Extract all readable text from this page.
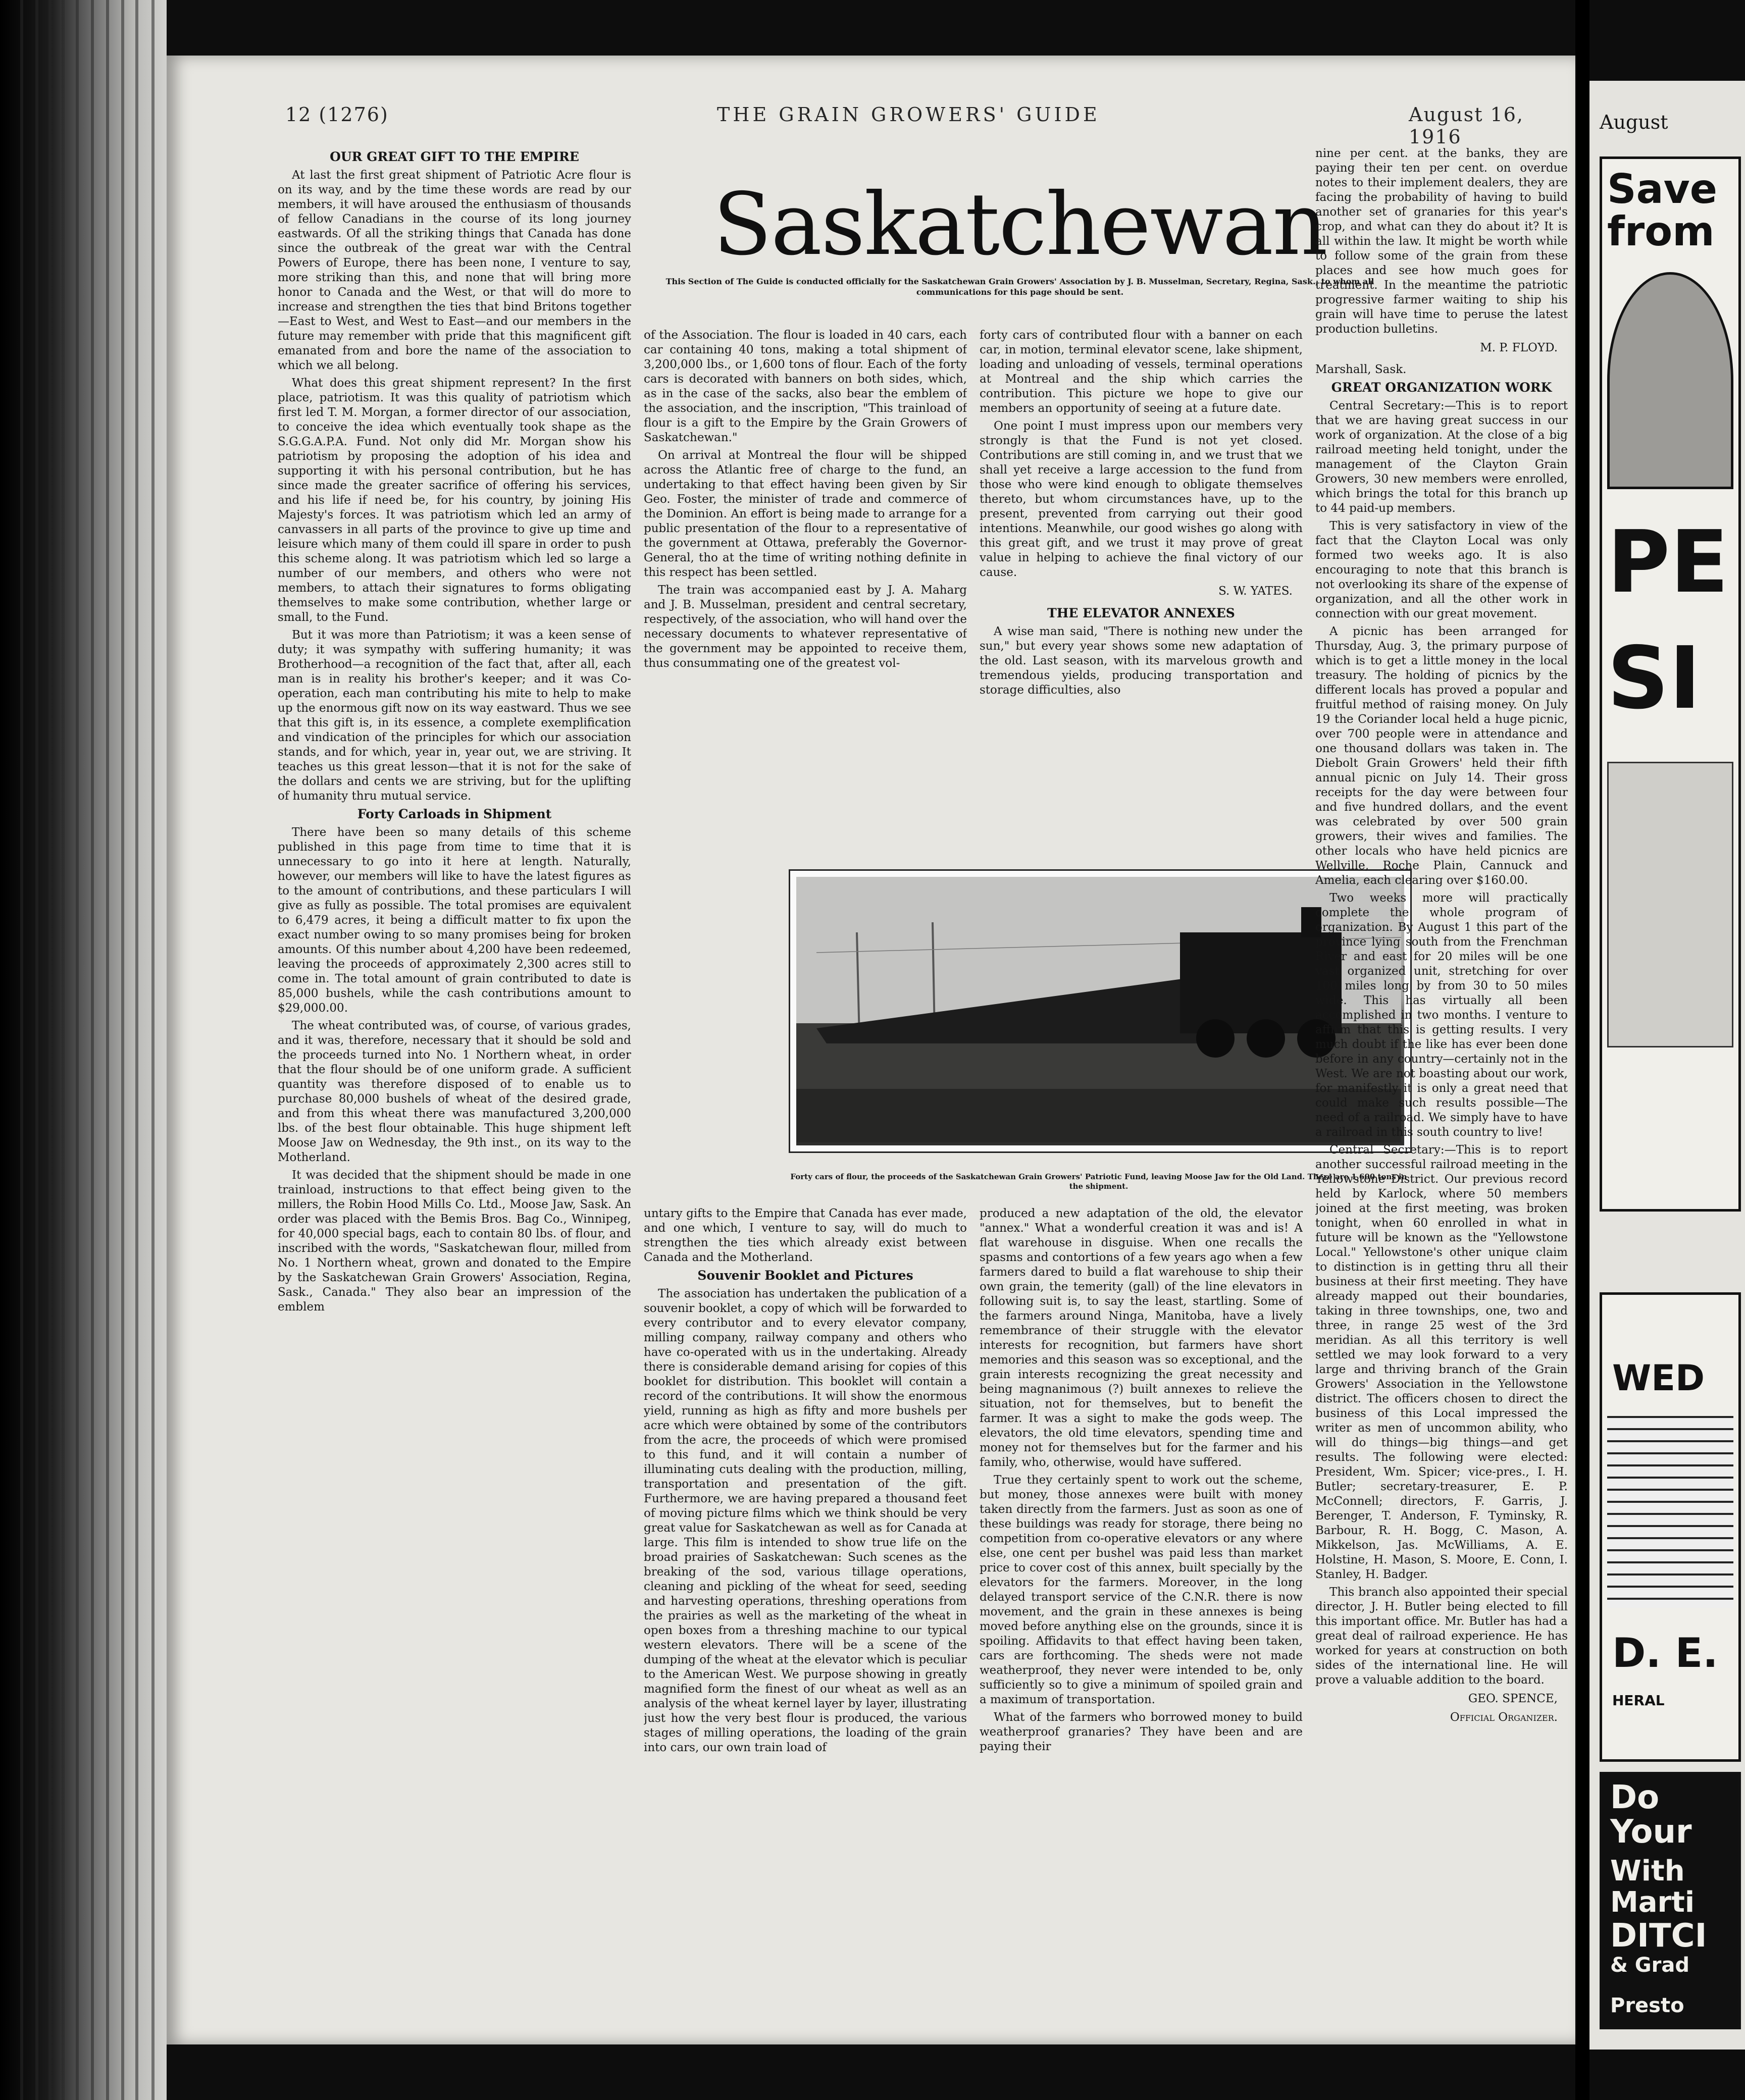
12 (1276)	THE GRAIN GROWERS' GUIDE	August 16, 1916
Saskatchewan

This Section of The Guide is conducted officially for the Saskatchewan Grain Growers' Association by J. B. Musselman, Secretary, Regina, Sask., to whom all communications for this page should be sent.

OUR GREAT GIFT TO THE EMPIRE

At last the first great shipment of Patriotic Acre flour is on its way, and by the time these words are read by our members, it will have aroused the enthusiasm of thousands of fellow Canadians in the course of its long journey eastwards. Of all the striking things that Canada has done since the outbreak of the great war with the Central Powers of Europe, there has been none, I venture to say, more striking than this, and none that will bring more honor to Canada and the West, or that will do more to increase and strengthen the ties that bind Britons together—East to West, and West to East—and our members in the future may remember with pride that this magnificent gift emanated from and bore the name of the association to which we all belong.

What does this great shipment represent? In the first place, patriotism. It was this quality of patriotism which first led T. M. Morgan, a former director of our association, to conceive the idea which eventually took shape as the S.G.G.A.P.A. Fund. Not only did Mr. Morgan show his patriotism by proposing the adoption of his idea and supporting it with his personal contribution, but he has since made the greater sacrifice of offering his services, and his life if need be, for his country, by joining His Majesty's forces. It was patriotism which led an army of canvassers in all parts of the province to give up time and leisure which many of them could ill spare in order to push this scheme along. It was patriotism which led so large a number of our members, and others who were not members, to attach their signatures to forms obligating themselves to make some contribution, whether large or small, to the Fund.

But it was more than Patriotism; it was a keen sense of duty; it was sympathy with suffering humanity; it was Brotherhood—a recognition of the fact that, after all, each man is in reality his brother's keeper; and it was Co-operation, each man contributing his mite to help to make up the enormous gift now on its way eastward. Thus we see that this gift is, in its essence, a complete exemplification and vindication of the principles for which our association stands, and for which, year in, year out, we are striving. It teaches us this great lesson—that it is not for the sake of the dollars and cents we are striving, but for the uplifting of humanity thru mutual service.

Forty Carloads in Shipment

There have been so many details of this scheme published in this page from time to time that it is unnecessary to go into it here at length. Naturally, however, our members will like to have the latest figures as to the amount of contributions, and these particulars I will give as fully as possible. The total promises are equivalent to 6,479 acres, it being a difficult matter to fix upon the exact number owing to so many promises being for broken amounts. Of this number about 4,200 have been redeemed, leaving the proceeds of approximately 2,300 acres still to come in. The total amount of grain contributed to date is 85,000 bushels, while the cash contributions amount to $29,000.00.

The wheat contributed was, of course, of various grades, and it was, therefore, necessary that it should be sold and the proceeds turned into No. 1 Northern wheat, in order that the flour should be of one uniform grade. A sufficient quantity was therefore disposed of to enable us to purchase 80,000 bushels of wheat of the desired grade, and from this wheat there was manufactured 3,200,000 lbs. of the best flour obtainable. This huge shipment left Moose Jaw on Wednesday, the 9th inst., on its way to the Motherland.

It was decided that the shipment should be made in one trainload, instructions to that effect being given to the millers, the Robin Hood Mills Co. Ltd., Moose Jaw, Sask. An order was placed with the Bemis Bros. Bag Co., Winnipeg, for 40,000 special bags, each to contain 80 lbs. of flour, and inscribed with the words, "Saskatchewan flour, milled from No. 1 Northern wheat, grown and donated to the Empire by the Saskatchewan Grain Growers' Association, Regina, Sask., Canada." They also bear an impression of the emblem

of the Association. The flour is loaded in 40 cars, each car containing 40 tons, making a total shipment of 3,200,000 lbs., or 1,600 tons of flour. Each of the forty cars is decorated with banners on both sides, which, as in the case of the sacks, also bear the emblem of the association, and the inscription, "This trainload of flour is a gift to the Empire by the Grain Growers of Saskatchewan."

On arrival at Montreal the flour will be shipped across the Atlantic free of charge to the fund, an undertaking to that effect having been given by Sir Geo. Foster, the minister of trade and commerce of the Dominion. An effort is being made to arrange for a public presentation of the flour to a representative of the government at Ottawa, preferably the Governor-General, tho at the time of writing nothing definite in this respect has been settled.

The train was accompanied east by J. A. Maharg and J. B. Musselman, president and central secretary, respectively, of the association, who will hand over the necessary documents to whatever representative of the government may be appointed to receive them, thus consummating one of the greatest vol-

forty cars of contributed flour with a banner on each car, in motion, terminal elevator scene, lake shipment, loading and unloading of vessels, terminal operations at Montreal and the ship which carries the contribution. This picture we hope to give our members an opportunity of seeing at a future date.

One point I must impress upon our members very strongly is that the Fund is not yet closed. Contributions are still coming in, and we trust that we shall yet receive a large accession to the fund from those who were kind enough to obligate themselves thereto, but whom circumstances have, up to the present, prevented from carrying out their good intentions. Meanwhile, our good wishes go along with this great gift, and we trust it may prove of great value in helping to achieve the final victory of our cause.

S. W. YATES.

THE ELEVATOR ANNEXES

A wise man said, "There is nothing new under the sun," but every year shows some new adaptation of the old. Last season, with its marvelous growth and tremendous yields, producing transportation and storage difficulties, also

Forty cars of flour, the proceeds of the Saskatchewan Grain Growers' Patriotic Fund, leaving Moose Jaw for the Old Land. There are 1,600 tons in the shipment.

untary gifts to the Empire that Canada has ever made, and one which, I venture to say, will do much to strengthen the ties which already exist between Canada and the Motherland.

Souvenir Booklet and Pictures

The association has undertaken the publication of a souvenir booklet, a copy of which will be forwarded to every contributor and to every elevator company, milling company, railway company and others who have co-operated with us in the undertaking. Already there is considerable demand arising for copies of this booklet for distribution. This booklet will contain a record of the contributions. It will show the enormous yield, running as high as fifty and more bushels per acre which were obtained by some of the contributors from the acre, the proceeds of which were promised to this fund, and it will contain a number of illuminating cuts dealing with the production, milling, transportation and presentation of the gift. Furthermore, we are having prepared a thousand feet of moving picture films which we think should be very great value for Saskatchewan as well as for Canada at large. This film is intended to show true life on the broad prairies of Saskatchewan: Such scenes as the breaking of the sod, various tillage operations, cleaning and pickling of the wheat for seed, seeding and harvesting operations, threshing operations from the prairies as well as the marketing of the wheat in open boxes from a threshing machine to our typical western elevators. There will be a scene of the dumping of the wheat at the elevator which is peculiar to the American West. We purpose showing in greatly magnified form the finest of our wheat as well as an analysis of the wheat kernel layer by layer, illustrating just how the very best flour is produced, the various stages of milling operations, the loading of the grain into cars, our own train load of

produced a new adaptation of the old, the elevator "annex." What a wonderful creation it was and is! A flat warehouse in disguise. When one recalls the spasms and contortions of a few years ago when a few farmers dared to build a flat warehouse to ship their own grain, the temerity (gall) of the line elevators in following suit is, to say the least, startling. Some of the farmers around Ninga, Manitoba, have a lively remembrance of their struggle with the elevator interests for recognition, but farmers have short memories and this season was so exceptional, and the grain interests recognizing the great necessity and being magnanimous (?) built annexes to relieve the situation, not for themselves, but to benefit the farmer. It was a sight to make the gods weep. The elevators, the old time elevators, spending time and money not for themselves but for the farmer and his family, who, otherwise, would have suffered.

True they certainly spent to work out the scheme, but money, those annexes were built with money taken directly from the farmers. Just as soon as one of these buildings was ready for storage, there being no competition from co-operative elevators or any where else, one cent per bushel was paid less than market price to cover cost of this annex, built specially by the elevators for the farmers. Moreover, in the long delayed transport service of the C.N.R. there is now movement, and the grain in these annexes is being moved before anything else on the grounds, since it is spoiling. Affidavits to that effect having been taken, cars are forthcoming. The sheds were not made weatherproof, they never were intended to be, only sufficiently so to give a minimum of spoiled grain and a maximum of transportation.

What of the farmers who borrowed money to build weatherproof granaries? They have been and are paying their

nine per cent. at the banks, they are paying their ten per cent. on overdue notes to their implement dealers, they are facing the probability of having to build another set of granaries for this year's crop, and what can they do about it? It is all within the law. It might be worth while to follow some of the grain from these places and see how much goes for treatment. In the meantime the patriotic progressive farmer waiting to ship his grain will have time to peruse the latest production bulletins.

M. P. FLOYD.

Marshall, Sask.

GREAT ORGANIZATION WORK

Central Secretary:—This is to report that we are having great success in our work of organization. At the close of a big railroad meeting held tonight, under the management of the Clayton Grain Growers, 30 new members were enrolled, which brings the total for this branch up to 44 paid-up members.

This is very satisfactory in view of the fact that the Clayton Local was only formed two weeks ago. It is also encouraging to note that this branch is not overlooking its share of the expense of organization, and all the other work in connection with our great movement.

A picnic has been arranged for Thursday, Aug. 3, the primary purpose of which is to get a little money in the local treasury. The holding of picnics by the different locals has proved a popular and fruitful method of raising money. On July 19 the Coriander local held a huge picnic, over 700 people were in attendance and one thousand dollars was taken in. The Diebolt Grain Growers' held their fifth annual picnic on July 14. Their gross receipts for the day were between four and five hundred dollars, and the event was celebrated by over 500 grain growers, their wives and families. The other locals who have held picnics are Wellville, Roche Plain, Cannuck and Amelia, each clearing over $160.00.

Two weeks more will practically complete the whole program of organization. By August 1 this part of the province lying south from the Frenchman River and east for 20 miles will be one vast organized unit, stretching for over 100 miles long by from 30 to 50 miles wide. This has virtually all been accomplished in two months. I venture to affirm that this is getting results. I very much doubt if the like has ever been done before in any country—certainly not in the West. We are not boasting about our work, for manifestly it is only a great need that could make such results possible—The need of a railroad. We simply have to have a railroad in this south country to live!

Central Secretary:—This is to report another successful railroad meeting in the Yellowstone District. Our previous record held by Karlock, where 50 members joined at the first meeting, was broken tonight, when 60 enrolled in what in future will be known as the "Yellowstone Local." Yellowstone's other unique claim to distinction is in getting thru all their business at their first meeting. They have already mapped out their boundaries, taking in three townships, one, two and three, in range 25 west of the 3rd meridian. As all this territory is well settled we may look forward to a very large and thriving branch of the Grain Growers' Association in the Yellowstone district. The officers chosen to direct the business of this Local impressed the writer as men of uncommon ability, who will do things—big things—and get results. The following were elected: President, Wm. Spicer; vice-pres., I. H. Butler; secretary-treasurer, E. P. McConnell; directors, F. Garris, J. Berenger, T. Anderson, F. Tyminsky, R. Barbour, R. H. Bogg, C. Mason, A. Mikkelson, Jas. McWilliams, A. E. Holstine, H. Mason, S. Moore, E. Conn, I. Stanley, H. Badger.

This branch also appointed their special director, J. H. Butler being elected to fill this important office. Mr. Butler has had a great deal of railroad experience. He has worked for years at construction on both sides of the international line. He will prove a valuable addition to the board.

GEO. SPENCE,

Official Organizer.

August
Save
from
PE
SI
WED
D. E.
HERAL
Do
Your
With
Marti
DITCI
& Grad
Presto
